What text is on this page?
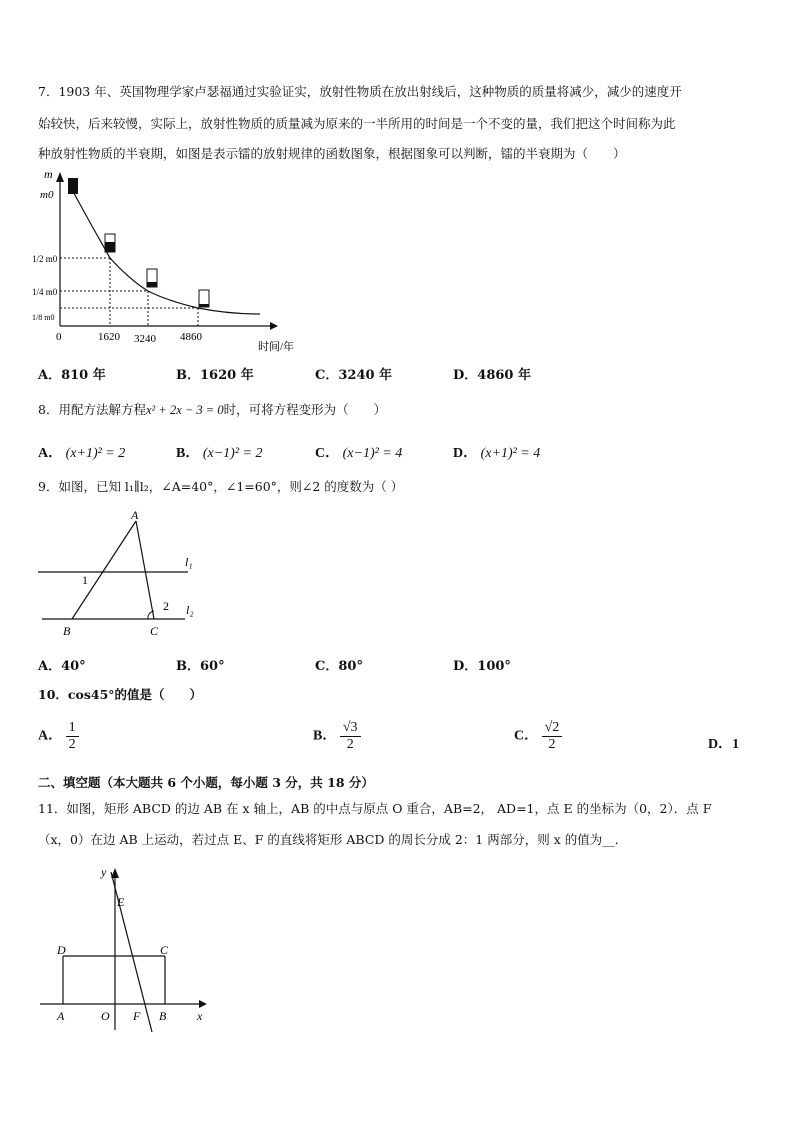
7．1903 年、英国物理学家卢瑟福通过实验证实，放射性物质在放出射线后，这种物质的质量将减少，减少的速度开
始较快，后来较慢，实际上，放射性物质的质量减为原来的一半所用的时间是一个不变的量，我们把这个时间称为此
种放射性物质的半衰期，如图是表示镭的放射规律的函数图象，根据图象可以判断，镭的半衰期为（　　）
m
m0
1/2 m0
1/4 m0
1/8 m0
0	1620 3240 4860
时间/年
A．810 年	B．1620 年	C．3240 年	D．4860 年
8．用配方法解方程x² + 2x − 3 = 0时，可将方程变形为（　　）
A． (x+1)² = 2	B． (x−1)² = 2	C． (x−1)² = 4	D． (x+1)² = 4
9．如图，已知 l₁∥l₂，∠A=40°，∠1=60°，则∠2 的度数为（ ）
A
B	C
1
2
l₁
l₂
A．40°	B．60°	C．80°	D．100°
10．cos45°的值是（　　）
A． $\frac{1}{2}$	B． $\frac{√3}{2}$	C． $\frac{√2}{2}$	D．1
二、填空题（本大题共 6 个小题，每小题 3 分，共 18 分）
11．如图，矩形 ABCD 的边 AB 在 x 轴上，AB 的中点与原点 O 重合，AB=2， AD=1，点 E 的坐标为（0，2）．点 F
（x，0）在边 AB 上运动，若过点 E、F 的直线将矩形 ABCD 的周长分成 2：1 两部分，则 x 的值为__．
y
E
D	C
A	O F B	x
